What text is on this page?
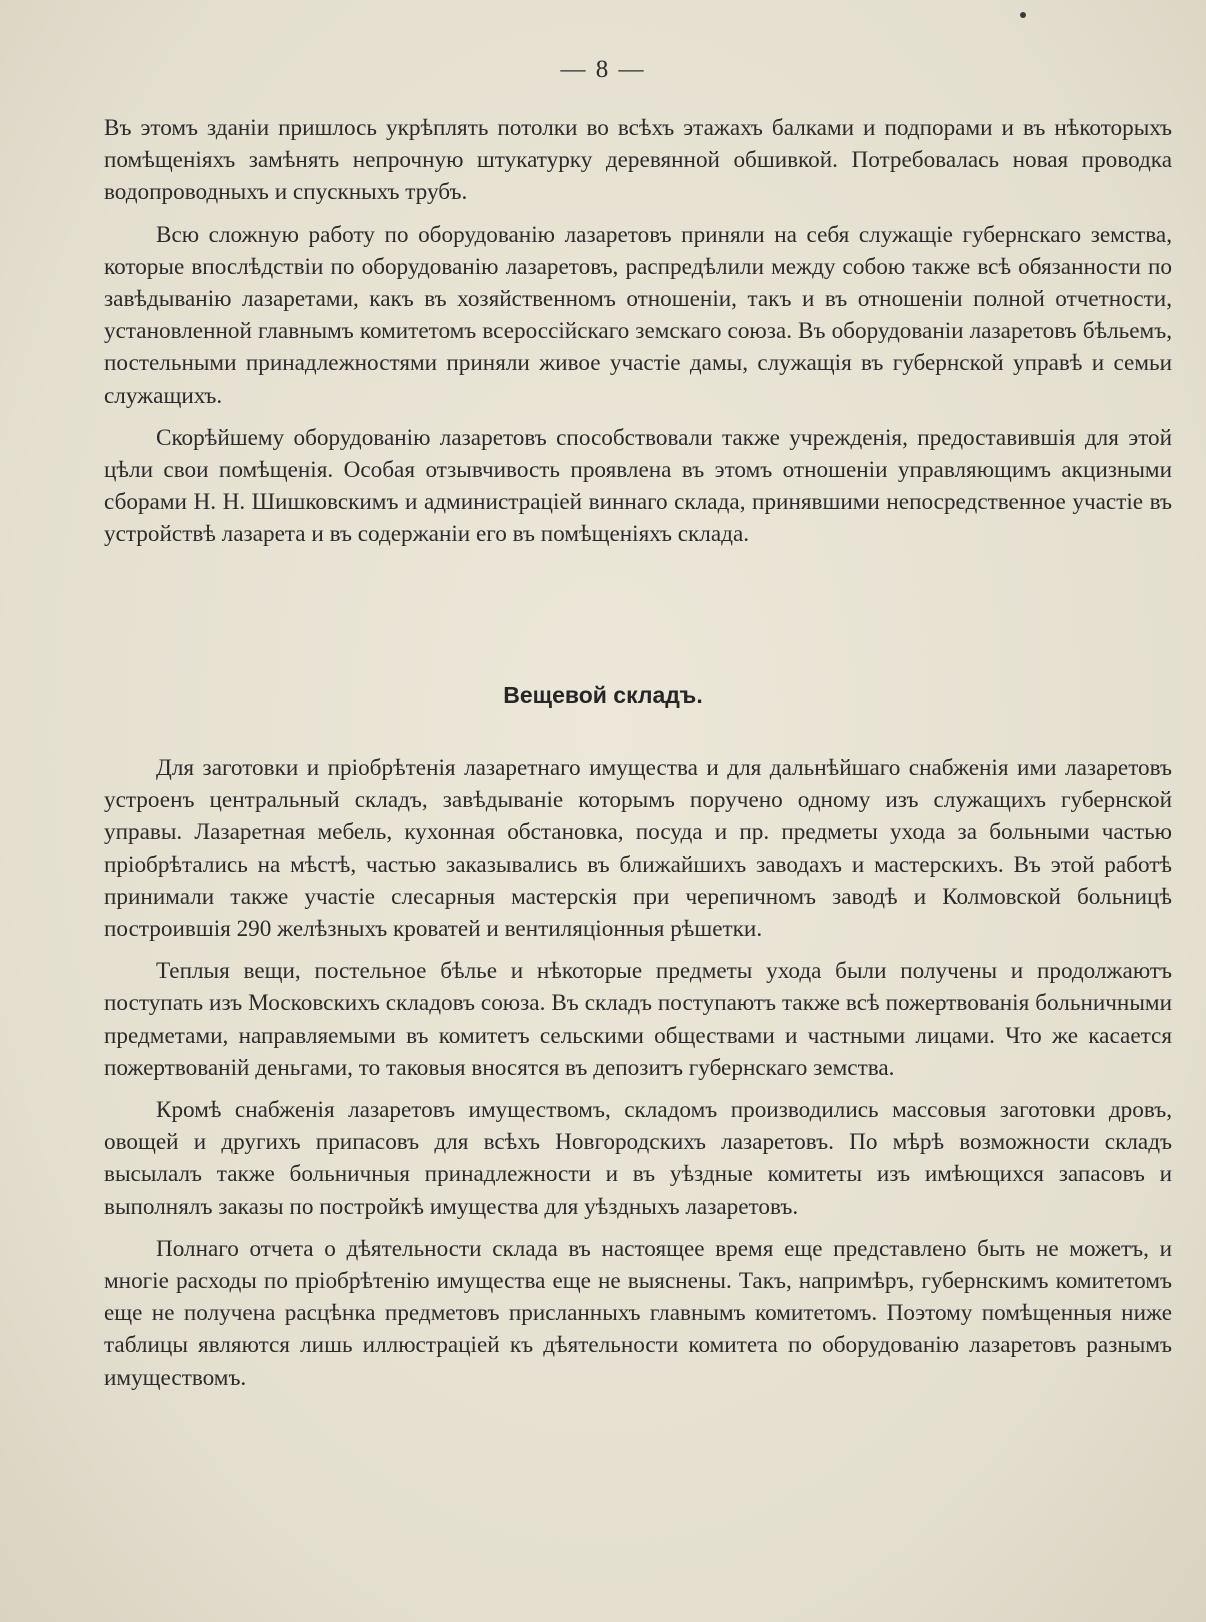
— 8 —

Въ этомъ зданіи пришлось укрѣплять потолки во всѣхъ этажахъ балками и подпорами и въ нѣкоторыхъ помѣщеніяхъ замѣнять непрочную штукатурку деревянной обшивкой. Потребовалась новая проводка водопроводныхъ и спускныхъ трубъ.

Всю сложную работу по оборудованію лазаретовъ приняли на себя служащіе губернскаго земства, которые впослѣдствіи по оборудованію лазаретовъ, распредѣлили между собою также всѣ обязанности по завѣдыванію лазаретами, какъ въ хозяйственномъ отношеніи, такъ и въ отношеніи полной отчетности, установленной главнымъ комитетомъ всероссійскаго земскаго союза. Въ оборудованіи лазаретовъ бѣльемъ, постельными принадлежностями приняли живое участіе дамы, служащія въ губернской управѣ и семьи служащихъ.

Скорѣйшему оборудованію лазаретовъ способствовали также учрежденія, предоставившія для этой цѣли свои помѣщенія. Особая отзывчивость проявлена въ этомъ отношеніи управляющимъ акцизными сборами Н. Н. Шишковскимъ и администраціей виннаго склада, принявшими непосредственное участіе въ устройствѣ лазарета и въ содержаніи его въ помѣщеніяхъ склада.

Вещевой складъ.

Для заготовки и пріобрѣтенія лазаретнаго имущества и для дальнѣйшаго снабженія ими лазаретовъ устроенъ центральный складъ, завѣдываніе которымъ поручено одному изъ служащихъ губернской управы. Лазаретная мебель, кухонная обстановка, посуда и пр. предметы ухода за больными частью пріобрѣтались на мѣстѣ, частью заказывались въ ближайшихъ заводахъ и мастерскихъ. Въ этой работѣ принимали также участіе слесарныя мастерскія при черепичномъ заводѣ и Колмовской больницѣ построившія 290 желѣзныхъ кроватей и вентиляціонныя рѣшетки.

Теплыя вещи, постельное бѣлье и нѣкоторые предметы ухода были получены и продолжаютъ поступать изъ Московскихъ складовъ союза. Въ складъ поступаютъ также всѣ пожертвованія больничными предметами, направляемыми въ комитетъ сельскими обществами и частными лицами. Что же касается пожертвованій деньгами, то таковыя вносятся въ депозитъ губернскаго земства.

Кромѣ снабженія лазаретовъ имуществомъ, складомъ производились массовыя заготовки дровъ, овощей и другихъ припасовъ для всѣхъ Новгородскихъ лазаретовъ. По мѣрѣ возможности складъ высылалъ также больничныя принадлежности и въ уѣздные комитеты изъ имѣющихся запасовъ и выполнялъ заказы по постройкѣ имущества для уѣздныхъ лазаретовъ.

Полнаго отчета о дѣятельности склада въ настоящее время еще представлено быть не можетъ, и многіе расходы по пріобрѣтенію имущества еще не выяснены. Такъ, напримѣръ, губернскимъ комитетомъ еще не получена расцѣнка предметовъ присланныхъ главнымъ комитетомъ. Поэтому помѣщенныя ниже таблицы являются лишь иллюстраціей къ дѣятельности комитета по оборудованію лазаретовъ разнымъ имуществомъ.
